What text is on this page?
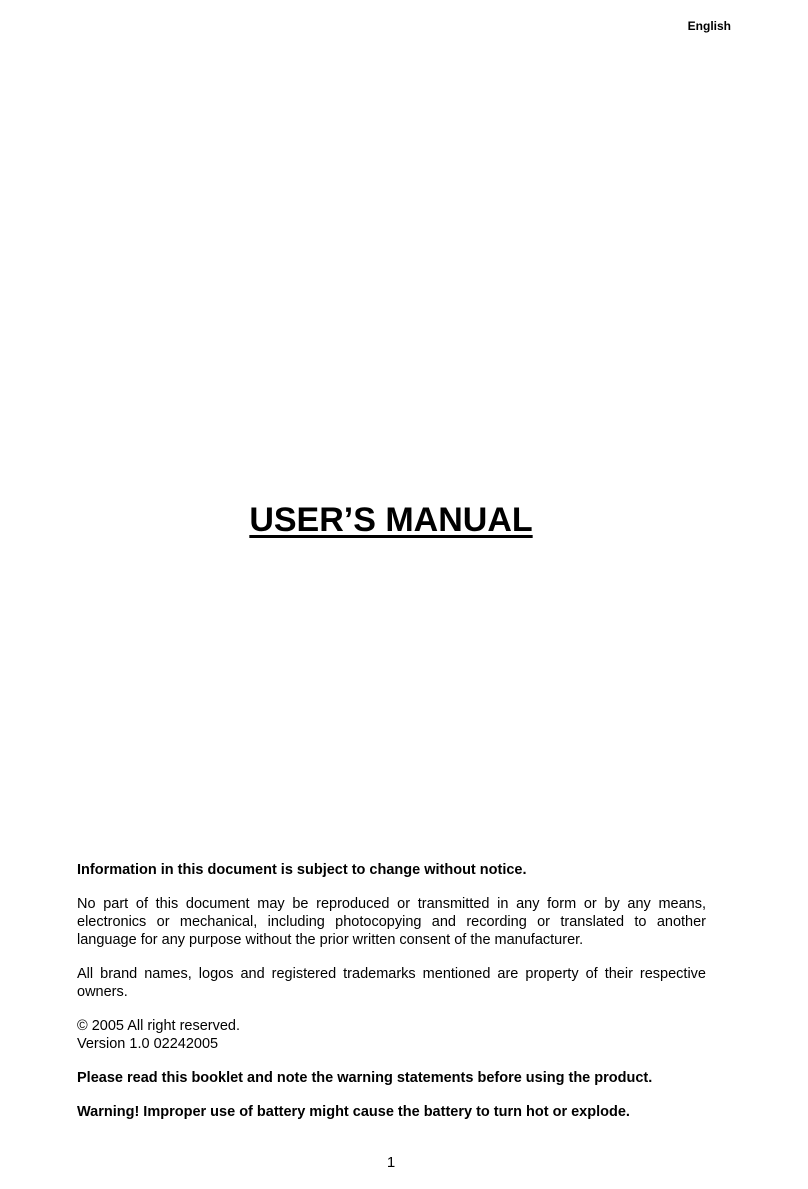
English
USER’S MANUAL

Information in this document is subject to change without notice.

No part of this document may be reproduced or transmitted in any form or by any means, electronics or mechanical, including photocopying and recording or translated to another language for any purpose without the prior written consent of the manufacturer.

All brand names, logos and registered trademarks mentioned are property of their respective owners.

© 2005 All right reserved.
Version 1.0 02242005

Please read this booklet and note the warning statements before using the product.

Warning! Improper use of battery might cause the battery to turn hot or explode.

1
